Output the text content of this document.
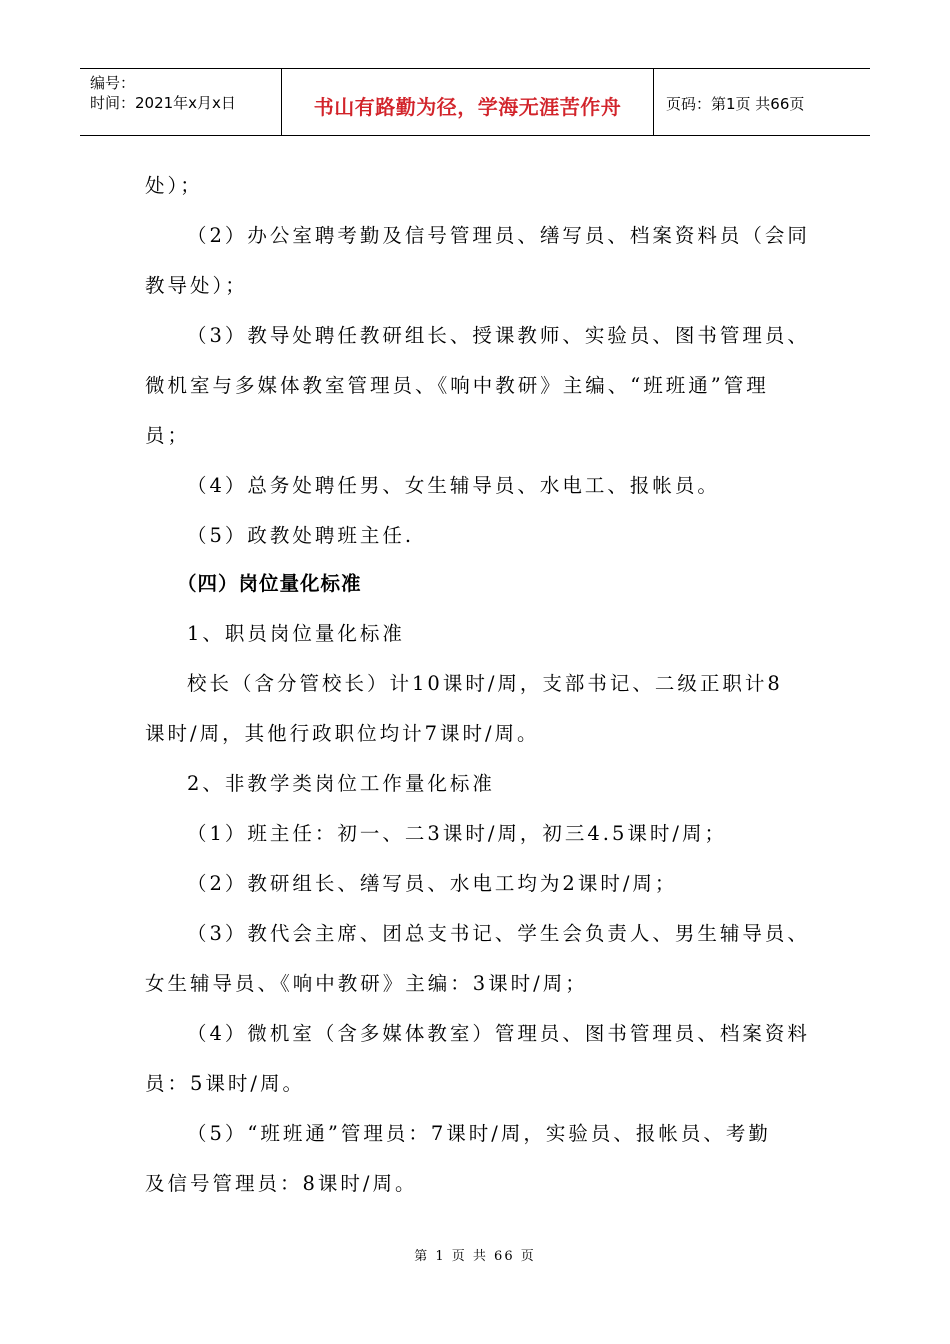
编号：
时间：2021年x月x日	书山有路勤为径，学海无涯苦作舟	页码：第1页 共66页
处）；
（2）办公室聘考勤及信号管理员、缮写员、档案资料员（会同
教导处）；
（3）教导处聘任教研组长、授课教师、实验员、图书管理员、
微机室与多媒体教室管理员、《响中教研》主编、“班班通”管理
员；
（4）总务处聘任男、女生辅导员、水电工、报帐员。
（5）政教处聘班主任.
（四）岗位量化标准
1、职员岗位量化标准
校长（含分管校长）计10课时/周，支部书记、二级正职计8
课时/周，其他行政职位均计7课时/周。
2、非教学类岗位工作量化标准
（1）班主任：初一、二3课时/周，初三4.5课时/周；
（2）教研组长、缮写员、水电工均为2课时/周；
（3）教代会主席、团总支书记、学生会负责人、男生辅导员、
女生辅导员、《响中教研》主编：3课时/周；
（4）微机室（含多媒体教室）管理员、图书管理员、档案资料
员：5课时/周。
（5）“班班通”管理员：7课时/周，实验员、报帐员、考勤
及信号管理员：8课时/周。
第 1 页 共 66 页
